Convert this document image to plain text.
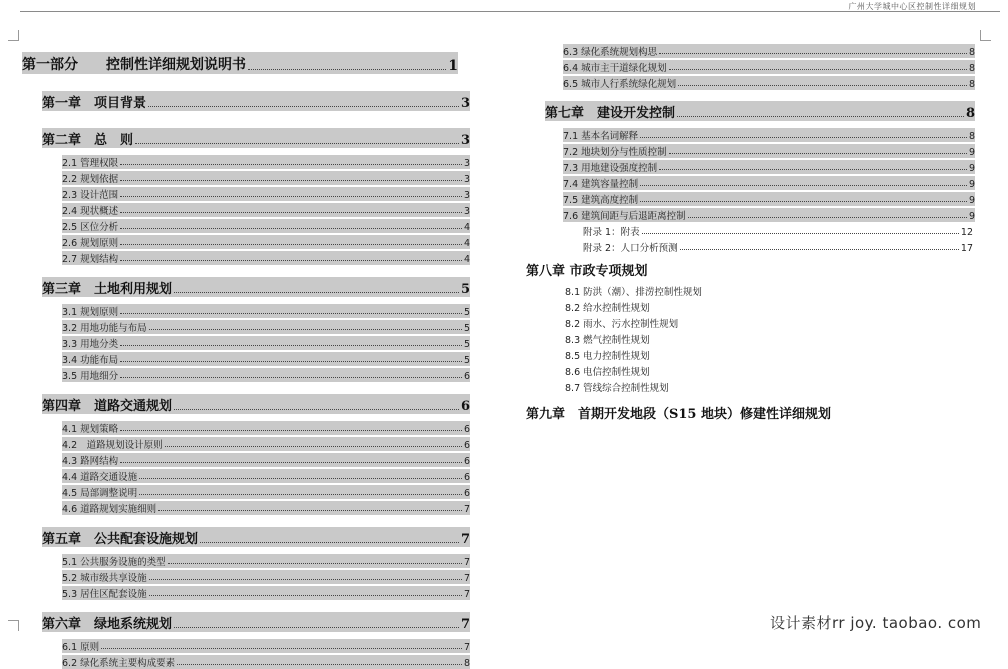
广州大学城中心区控制性详细规划
第一部分　　控制性详细规划说明书	1
第一章　项目背景	3
第二章　总　则	3
2.1 管理权限	3
2.2 规划依据	3
2.3 设计范围	3
2.4 现状概述	3
2.5 区位分析	4
2.6 规划原则	4
2.7 规划结构	4
第三章　土地利用规划	5
3.1 规划原则	5
3.2 用地功能与布局	5
3.3 用地分类	5
3.4 功能布局	5
3.5 用地细分	6
第四章　道路交通规划	6
4.1 规划策略	6
4.2　道路规划设计原则	6
4.3 路网结构	6
4.4 道路交通设施	6
4.5 局部调整说明	6
4.6 道路规划实施细则	7
第五章　公共配套设施规划	7
5.1 公共服务设施的类型	7
5.2 城市级共享设施	7
5.3 居住区配套设施	7
第六章　绿地系统规划	7
6.1 原则	7
6.2 绿化系统主要构成要素	8
6.3 绿化系统规划构思	8
6.4 城市主干道绿化规划	8
6.5 城市人行系统绿化规划	8
第七章　建设开发控制	8
7.1 基本名词解释	8
7.2 地块划分与性质控制	9
7.3 用地建设强度控制	9
7.4 建筑容量控制	9
7.5 建筑高度控制	9
7.6 建筑间距与后退距离控制	9
附录 1：附表	12
附录 2：人口分析预测	17
第八章 市政专项规划
8.1 防洪（潮）、排涝控制性规划
8.2 给水控制性规划
8.2 雨水、污水控制性规划
8.3 燃气控制性规划
8.5 电力控制性规划
8.6 电信控制性规划
8.7 管线综合控制性规划
第九章　首期开发地段（S15 地块）修建性详细规划
设计素材rr joy. taobao. com
